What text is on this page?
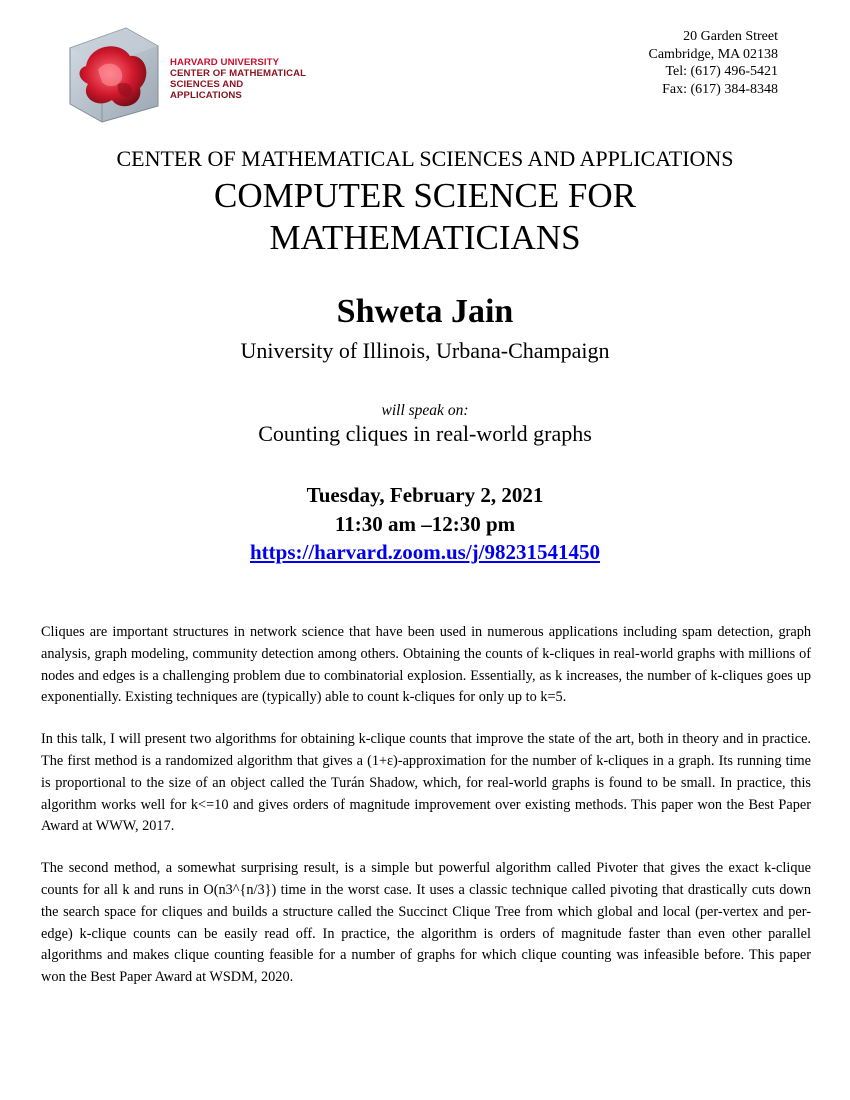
HARVARD UNIVERSITY
CENTER OF MATHEMATICAL
SCIENCES AND APPLICATIONS
20 Garden Street
Cambridge, MA 02138
Tel: (617) 496-5421
Fax: (617) 384-8348
CENTER OF MATHEMATICAL SCIENCES AND APPLICATIONS
COMPUTER SCIENCE FOR
MATHEMATICIANS
Shweta Jain
University of Illinois, Urbana-Champaign
will speak on:
Counting cliques in real-world graphs
Tuesday, February 2, 2021
11:30 am –12:30 pm
https://harvard.zoom.us/j/98231541450

Cliques are important structures in network science that have been used in numerous applications including spam detection, graph analysis, graph modeling, community detection among others. Obtaining the counts of k-cliques in real-world graphs with millions of nodes and edges is a challenging problem due to combinatorial explosion. Essentially, as k increases, the number of k-cliques goes up exponentially. Existing techniques are (typically) able to count k-cliques for only up to k=5.

In this talk, I will present two algorithms for obtaining k-clique counts that improve the state of the art, both in theory and in practice. The first method is a randomized algorithm that gives a (1+ε)-approximation for the number of k-cliques in a graph. Its running time is proportional to the size of an object called the Turán Shadow, which, for real-world graphs is found to be small. In practice, this algorithm works well for k<=10 and gives orders of magnitude improvement over existing methods. This paper won the Best Paper Award at WWW, 2017.

The second method, a somewhat surprising result, is a simple but powerful algorithm called Pivoter that gives the exact k-clique counts for all k and runs in O(n3^{n/3}) time in the worst case. It uses a classic technique called pivoting that drastically cuts down the search space for cliques and builds a structure called the Succinct Clique Tree from which global and local (per-vertex and per-edge) k-clique counts can be easily read off. In practice, the algorithm is orders of magnitude faster than even other parallel algorithms and makes clique counting feasible for a number of graphs for which clique counting was infeasible before. This paper won the Best Paper Award at WSDM, 2020.
